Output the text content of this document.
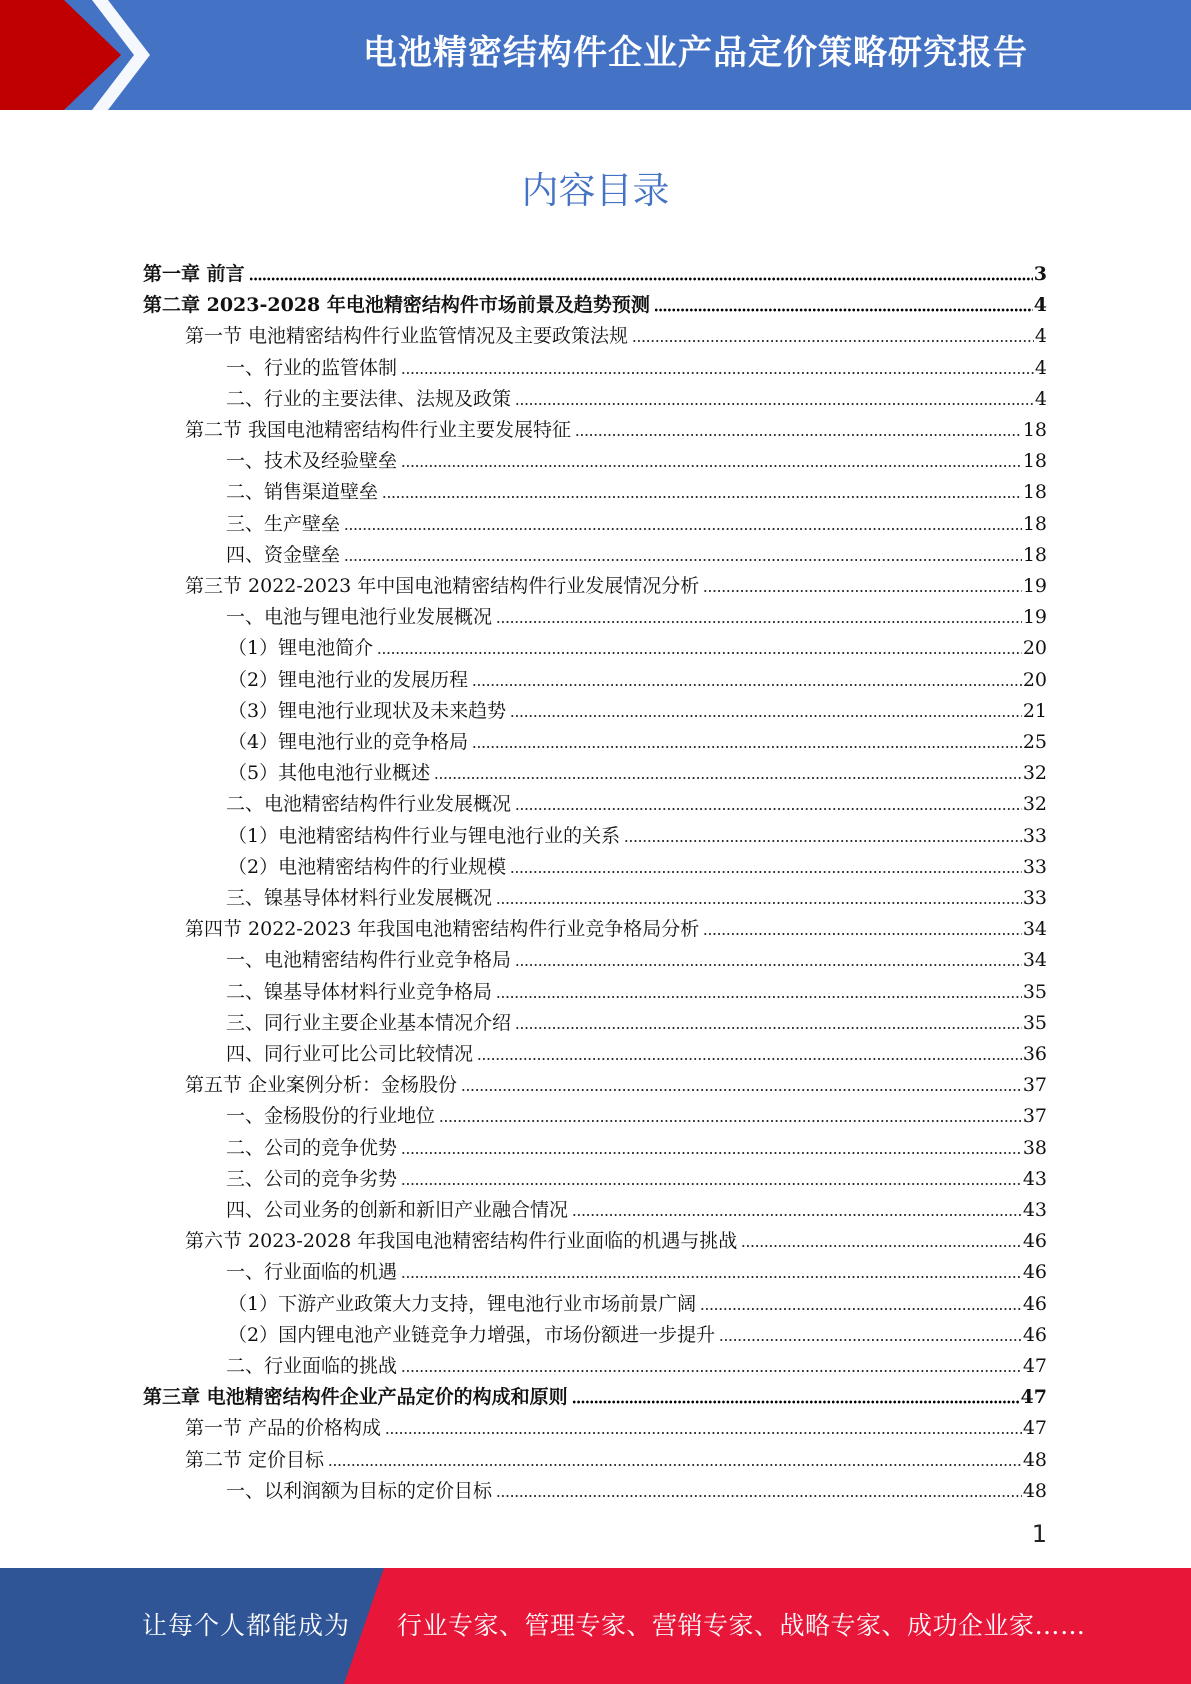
电池精密结构件企业产品定价策略研究报告
内容目录
第一章 前言	3
第二章 2023-2028 年电池精密结构件市场前景及趋势预测	4
第一节 电池精密结构件行业监管情况及主要政策法规	4
一、行业的监管体制	4
二、行业的主要法律、法规及政策	4
第二节 我国电池精密结构件行业主要发展特征	18
一、技术及经验壁垒	18
二、销售渠道壁垒	18
三、生产壁垒	18
四、资金壁垒	18
第三节 2022-2023 年中国电池精密结构件行业发展情况分析	19
一、电池与锂电池行业发展概况	19
（1）锂电池简介	20
（2）锂电池行业的发展历程	20
（3）锂电池行业现状及未来趋势	21
（4）锂电池行业的竞争格局	25
（5）其他电池行业概述	32
二、电池精密结构件行业发展概况	32
（1）电池精密结构件行业与锂电池行业的关系	33
（2）电池精密结构件的行业规模	33
三、镍基导体材料行业发展概况	33
第四节 2022-2023 年我国电池精密结构件行业竞争格局分析	34
一、电池精密结构件行业竞争格局	34
二、镍基导体材料行业竞争格局	35
三、同行业主要企业基本情况介绍	35
四、同行业可比公司比较情况	36
第五节 企业案例分析：金杨股份	37
一、金杨股份的行业地位	37
二、公司的竞争优势	38
三、公司的竞争劣势	43
四、公司业务的创新和新旧产业融合情况	43
第六节 2023-2028 年我国电池精密结构件行业面临的机遇与挑战	46
一、行业面临的机遇	46
（1）下游产业政策大力支持，锂电池行业市场前景广阔	46
（2）国内锂电池产业链竞争力增强，市场份额进一步提升	46
二、行业面临的挑战	47
第三章 电池精密结构件企业产品定价的构成和原则	47
第一节 产品的价格构成	47
第二节 定价目标	48
一、以利润额为目标的定价目标	48
1
让每个人都能成为 行业专家、管理专家、营销专家、战略专家、成功企业家……
